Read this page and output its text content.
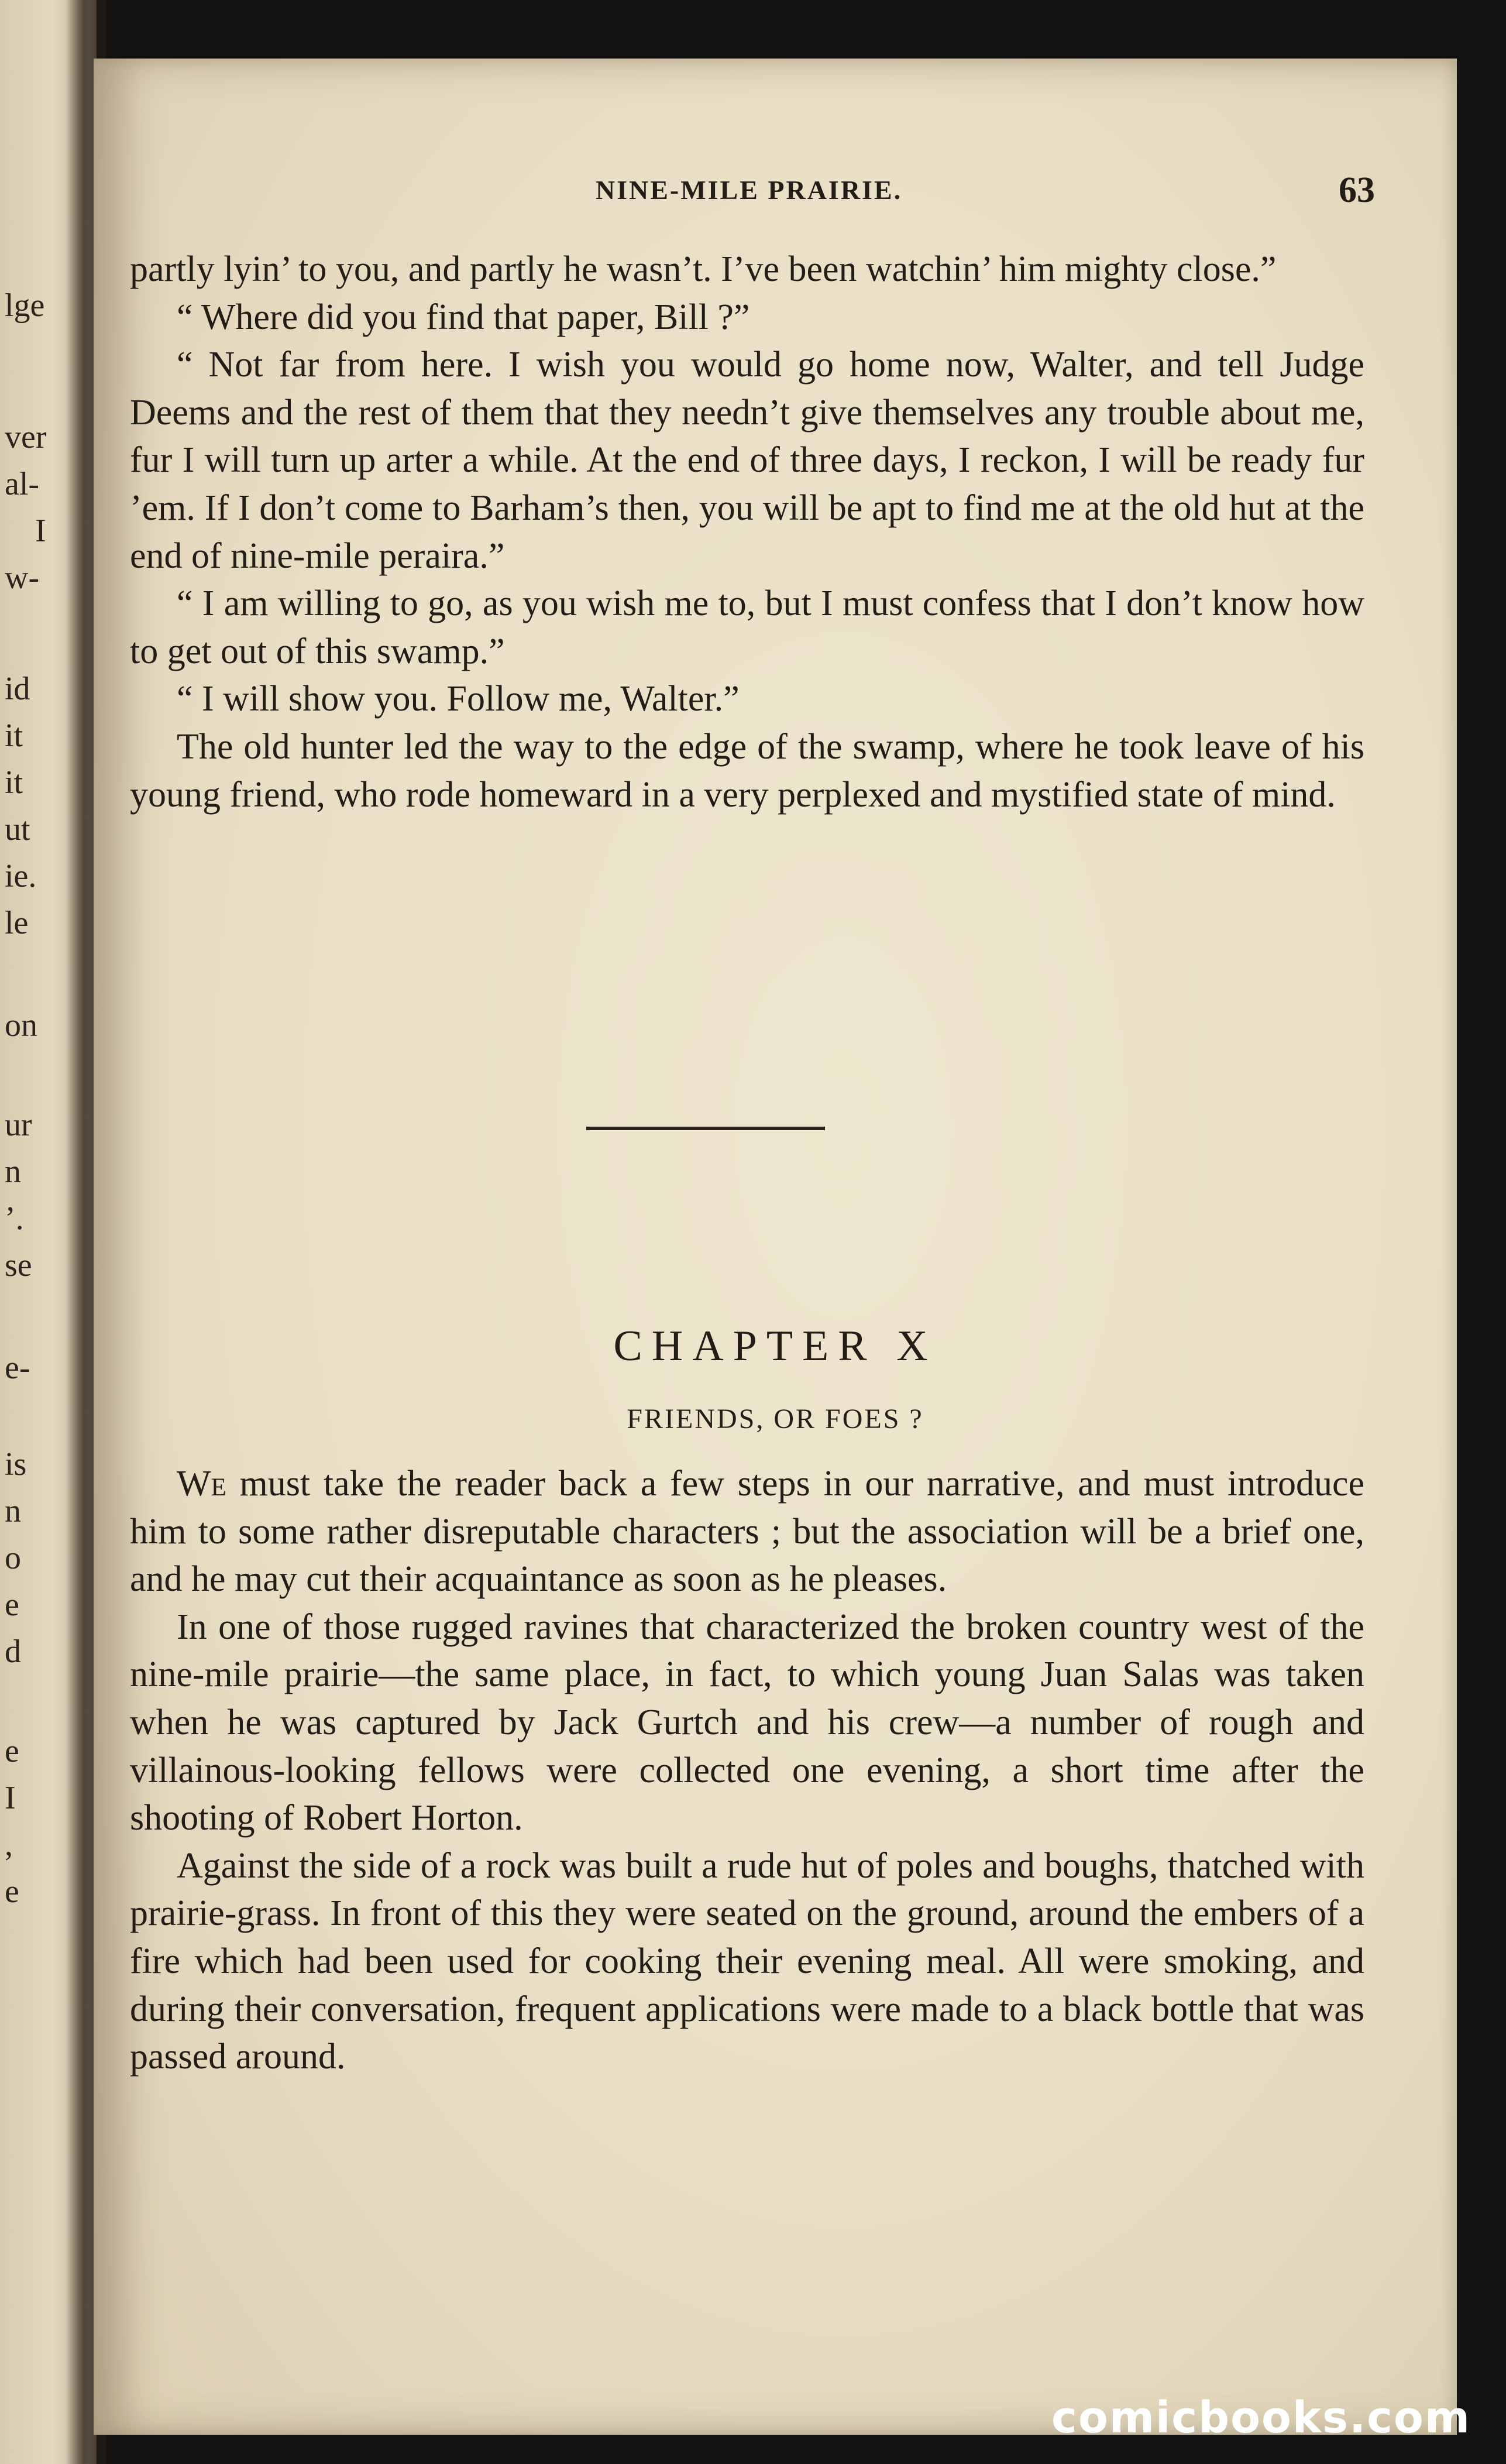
lge
ver
al-
I
w-
id
it
it
ut
ie.
le
on
ur
n
’.
se
e-
is
n
o
e
d
e
I
,
e
NINE-MILE PRAIRIE.	63

partly lyin’ to you, and partly he wasn’t. I’ve been watchin’ him mighty close.”

“ Where did you find that paper, Bill ?”

“ Not far from here. I wish you would go home now, Walter, and tell Judge Deems and the rest of them that they needn’t give themselves any trouble about me, fur I will turn up arter a while. At the end of three days, I reckon, I will be ready fur ’em. If I don’t come to Barham’s then, you will be apt to find me at the old hut at the end of nine-mile peraira.”

“ I am willing to go, as you wish me to, but I must confess that I don’t know how to get out of this swamp.”

“ I will show you. Follow me, Walter.”

The old hunter led the way to the edge of the swamp, where he took leave of his young friend, who rode homeward in a very perplexed and mystified state of mind.

CHAPTER X
FRIENDS, OR FOES ?

We must take the reader back a few steps in our narrative, and must introduce him to some rather disreputable characters ; but the association will be a brief one, and he may cut their acquaintance as soon as he pleases.

In one of those rugged ravines that characterized the broken country west of the nine-mile prairie—the same place, in fact, to which young Juan Salas was taken when he was captured by Jack Gurtch and his crew—a number of rough and villainous-looking fellows were collected one evening, a short time after the shooting of Robert Horton.

Against the side of a rock was built a rude hut of poles and boughs, thatched with prairie-grass. In front of this they were seated on the ground, around the embers of a fire which had been used for cooking their evening meal. All were smoking, and during their conversation, frequent applications were made to a black bottle that was passed around.

comicbooks.com
